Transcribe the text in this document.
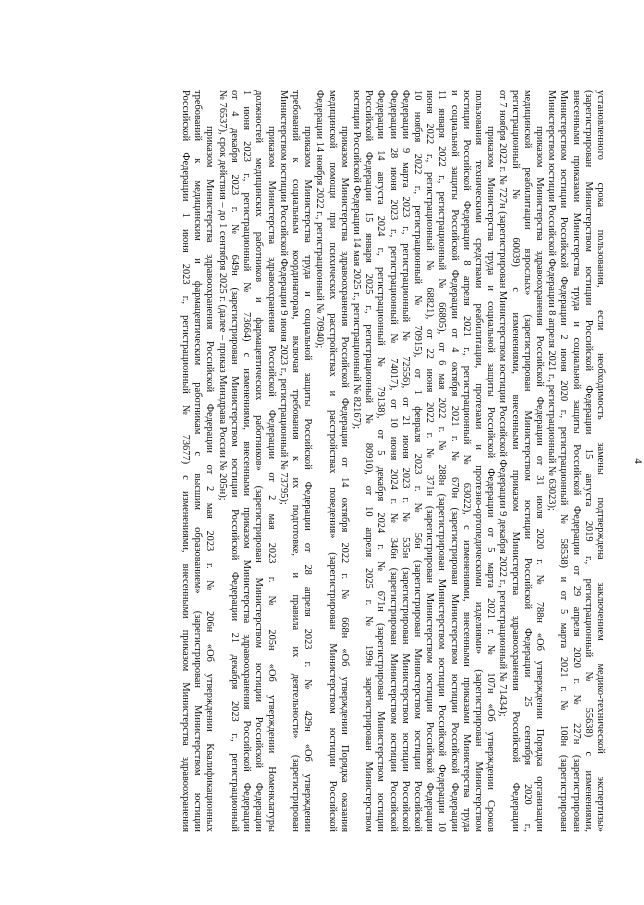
4
установленного срока пользования, если необходимость замены подтверждена заключением медико-технической экспертизы»
(зарегистрирован Министерством юстиции Российской Федерации 15 августа 2019 г., регистрационный № 55638) с изменениями,
внесенными приказами Министерства труда и социальной защиты Российской Федерации от 29 апреля 2020 г. № 227н (зарегистрирован
Министерством юстиции Российской Федерации 2 июня 2020 г., регистрационный № 58538) и от 5 марта 2021 г. № 108н (зарегистрирован
Министерством юстиции Российской Федерации 8 апреля 2021 г., регистрационный № 63023);
приказом Министерства здравоохранения Российской Федерации от 31 июля 2020 г. № 788н «Об утверждении Порядка организации
медицинской реабилитации взрослых» (зарегистрирован Министерством юстиции Российской Федерации 25 сентября 2020 г.,
регистрационный № 60039) с изменениями, внесенными приказом Министерства здравоохранения Российской Федерации
от 7 ноября 2022 г. № 727н (зарегистрирован Министерством юстиции Российской Федерации 9 декабря 2022 г., регистрационный № 71434);
приказом Министерства труда и социальной защиты Российской Федерации от 5 марта 2021 г. № 107н «Об утверждении Сроков
пользования техническими средствами реабилитации, протезами и протезно-ортопедическими изделиями» (зарегистрирован Министерством
юстиции Российской Федерации 8 апреля 2021 г., регистрационный № 63022), с изменениями, внесенными приказами Министерства труда
и социальной защиты Российской Федерации от 4 октября 2021 г. № 670н (зарегистрирован Министерством юстиции Российской Федерации
11 января 2022 г., регистрационный № 66805), от 6 мая 2022 г. № 288н (зарегистрирован Министерством юстиции Российской Федерации 10
июня 2022 г., регистрационный № 68821), от 22 июня 2022 г. № 371н (зарегистрирован Министерством юстиции Российской Федерации
10 ноября 2022 г., регистрационный № 70915), от 1 февраля 2023 г. № 56н (зарегистрирован Министерством юстиции Российской
Федерации 9 марта 2023 г., регистрационный № 72556), от 21 июня 2023 г. № 535н (зарегистрирован Министерством юстиции Российской
Федерации 28 июня 2023 г., регистрационный № 74017), от 10 июня 2024 г. № 346н (зарегистрирован Министерством юстиции Российской
Федерации 14 августа 2024 г., регистрационный № 79138), от 5 декабря 2024 г. № 671н (зарегистрирован Министерством юстиции
Российской Федерации 15 января 2025 г., регистрационный № 80910), от 10 апреля 2025 г. № 199н зарегистрирован Министерством
юстиции Российской Федерации 14 мая 2025 г., регистрационный № 82167);
приказом Министерства здравоохранения Российской Федерации от 14 октября 2022 г. № 668н «Об утверждении Порядка оказания
медицинской помощи при психических расстройствах и расстройствах поведения» (зарегистрирован Министерством юстиции Российской
Федерации 14 ноября 2022 г., регистрационный № 70940);
приказом Министерства труда и социальной защиты Российской Федерации от 28 апреля 2023 г. № 429н «Об утверждении
требований к социальным координаторам, включая требования к их подготовке, и правила их деятельности» (зарегистрирован
Министерством юстиции Российской Федерации 9 июня 2023 г., регистрационный № 73795);
приказом Министерства здравоохранения Российской Федерации от 2 мая 2023 г. № 205н «Об утверждении Номенклатуры
должностей медицинских работников и фармацевтических работников» (зарегистрирован Министерством юстиции Российской Федерации
1 июня 2023 г., регистрационный № 73664) с изменениями, внесенными приказом Министерства здравоохранения Российской Федерации
от 4 декабря 2023 г. № 649н (зарегистрирован Министерством юстиции Российской Федерации 21 декабря 2023 г., регистрационный
№ 76537), срок действия – до 1 сентября 2025 г. (далее – приказ Минздрава России № 205н);
приказом Министерства здравоохранения Российской Федерации от 2 мая 2023 г. № 206н «Об утверждении Квалификационных
требований к медицинским и фармацевтическим работникам с высшим образованием» (зарегистрирован Министерством юстиции
Российской Федерации 1 июня 2023 г., регистрационный № 73677) с изменениями, внесенными приказом Министерства здравоохранения
